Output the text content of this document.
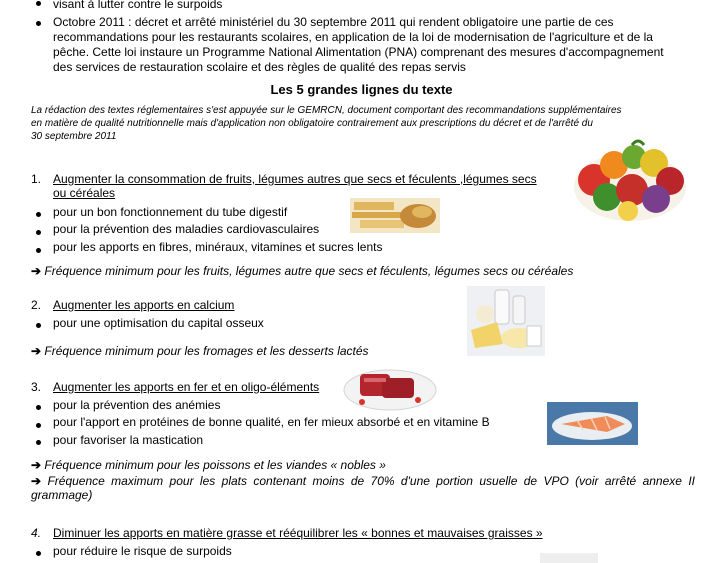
visant à lutter contre le surpoids
Octobre 2011 : décret et arrêté ministériel du 30 septembre 2011 qui rendent obligatoire une partie de ces
recommandations pour les restaurants scolaires, en application de la loi de modernisation de l'agriculture et de la
pêche. Cette loi instaure un Programme National Alimentation (PNA) comprenant des mesures d'accompagnement
des services de restauration scolaire et des règles de qualité des repas servis
Les 5 grandes lignes du texte
La rédaction des textes réglementaires s'est appuyée sur le GEMRCN, document comportant des recommandations supplémentaires
en matière de qualité nutritionnelle mais d'application non obligatoire contrairement aux prescriptions du décret et de l'arrêté du
30 septembre 2011
1. Augmenter la consommation de fruits, légumes autres que secs et féculents ,légumes secs
ou céréales
pour un bon fonctionnement du tube digestif
pour la prévention des maladies cardiovasculaires
pour les apports en fibres, minéraux, vitamines et sucres lents
➔ Fréquence minimum pour les fruits, légumes autre que secs et féculents, légumes secs ou céréales
2. Augmenter les apports en calcium
pour une optimisation du capital osseux
➔ Fréquence minimum pour les fromages et les desserts lactés
3. Augmenter les apports en fer et en oligo-éléments
pour la prévention des anémies
pour l'apport en protéines de bonne qualité, en fer mieux absorbé et en vitamine B
pour favoriser la mastication
➔ Fréquence minimum pour les poissons et les viandes « nobles »
➔ Fréquence maximum pour les plats contenant moins de 70% d'une portion usuelle de VPO (voir arrêté annexe II
grammage)
4. Diminuer les apports en matière grasse et rééquilibrer les « bonnes et mauvaises graisses »
pour réduire le risque de surpoids
